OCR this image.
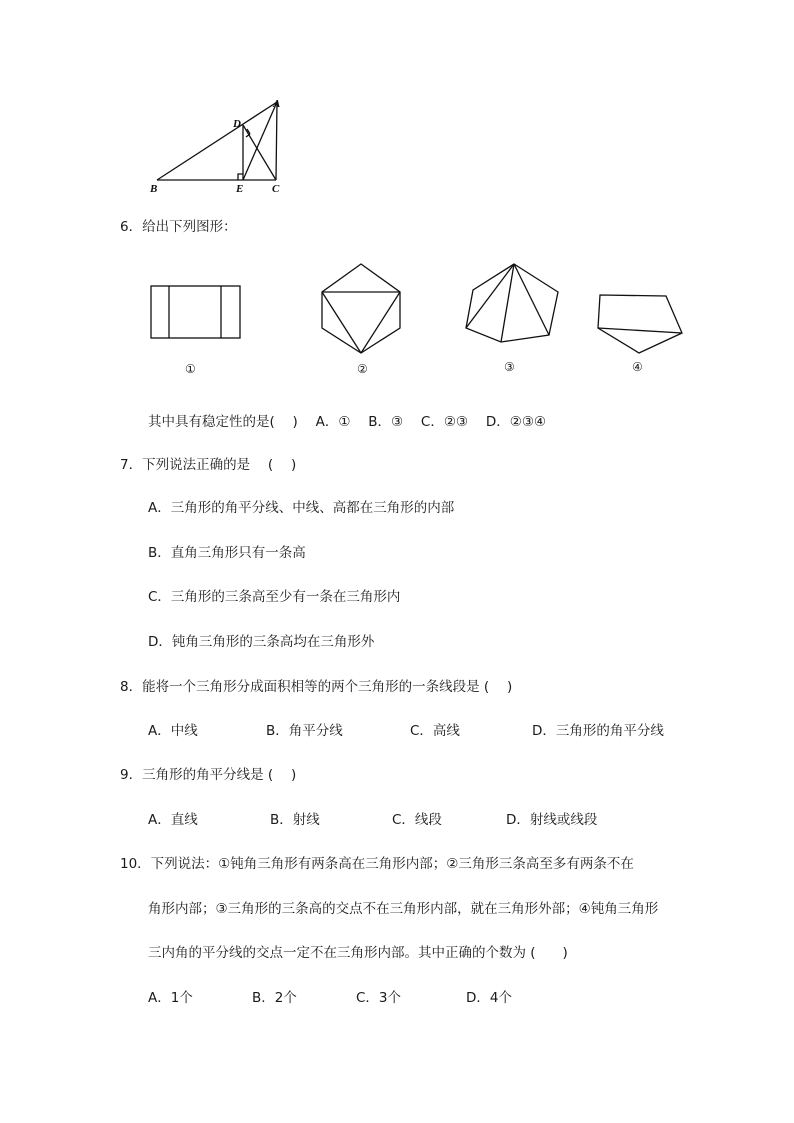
A
B	C
D
E
6．给出下列图形：
①	②	③	④
其中具有稳定性的是(　 )　 A．①　 B．③　 C．②③　 D．②③④
7．下列说法正确的是　 (　 )
A．三角形的角平分线、中线、高都在三角形的内部
B．直角三角形只有一条高
C．三角形的三条高至少有一条在三角形内
D．钝角三角形的三条高均在三角形外
8．能将一个三角形分成面积相等的两个三角形的一条线段是 (　 )
A．中线	B．角平分线	C．高线	D．三角形的角平分线
9．三角形的角平分线是 (　 )
A．直线	B．射线	C．线段	D．射线或线段
10．下列说法：①钝角三角形有两条高在三角形内部；②三角形三条高至多有两条不在
角形内部；③三角形的三条高的交点不在三角形内部，就在三角形外部；④钝角三角形
三内角的平分线的交点一定不在三角形内部。其中正确的个数为 (　　)
A．1个	B．2个	C．3个	D．4个
